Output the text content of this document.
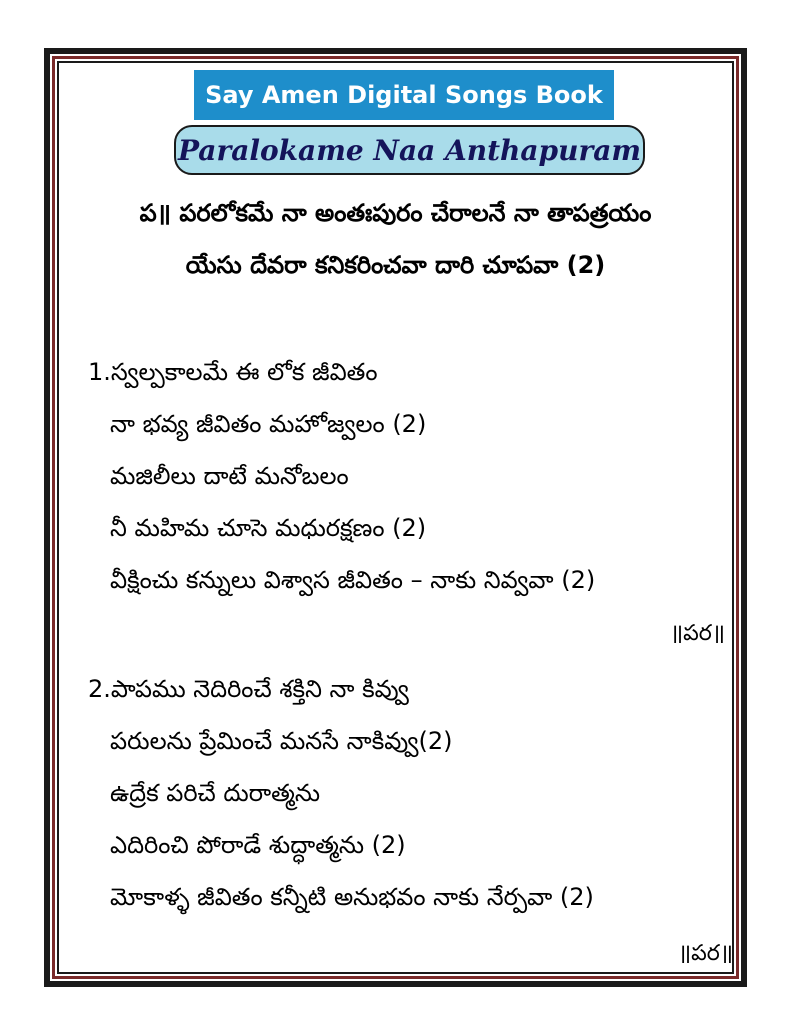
Say Amen Digital Songs Book
Paralokame Naa Anthapuram
ప॥ పరలోకమే నా అంతఃపురం చేరాలనే నా తాపత్రయం
యేసు దేవరా కనికరించవా దారి చూపవా (2)
1.స్వల్పకాలమే ఈ లోక జీవితం
నా భవ్య జీవితం మహోజ్వలం (2)
మజిలీలు దాటే మనోబలం
నీ మహిమ చూసె మధురక్షణం (2)
వీక్షించు కన్నులు విశ్వాస జీవితం – నాకు నివ్వవా (2)
॥పర॥
2.పాపము నెదిరించే శక్తిని నా కివ్వు
పరులను ప్రేమించే మనసే నాకివ్వు(2)
ఉద్రేక పరిచే దురాత్మను
ఎదిరించి పోరాడే శుద్ధాత్మను (2)
మోకాళ్ళ జీవితం కన్నీటి అనుభవం నాకు నేర్పవా (2)
॥పర॥
